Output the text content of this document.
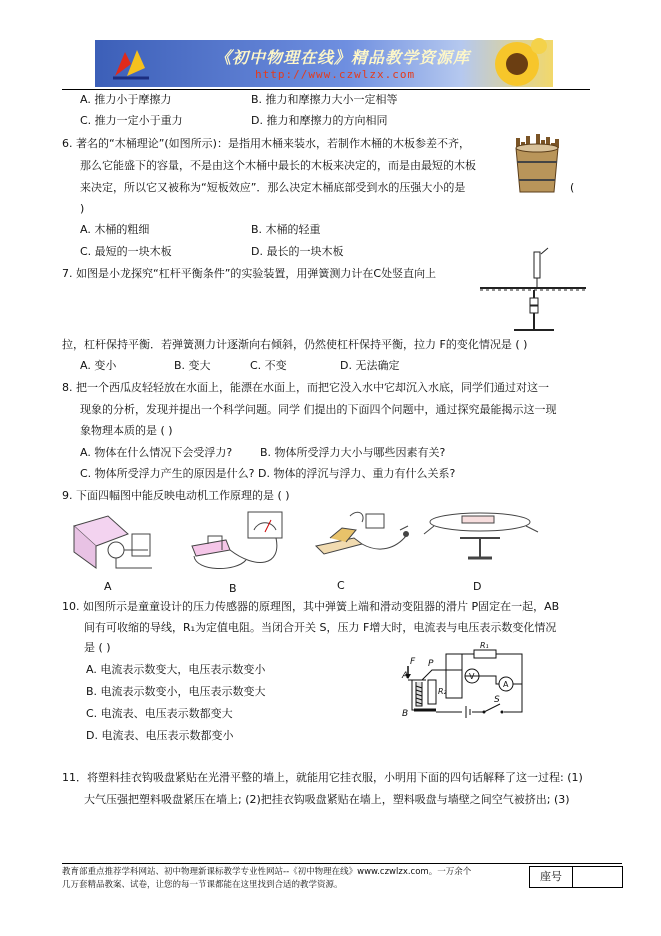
《初中物理在线》精品教学资源库
http://www.czwlzx.com
A. 推力小于摩擦力	B. 推力和摩擦力大小一定相等
C. 推力一定小于重力	D. 推力和摩擦力的方向相同
6. 著名的“木桶理论”(如图所示)：是指用木桶来装水，若制作木桶的木板参差不齐，
那么它能盛下的容量，不是由这个木桶中最长的木板来决定的，而是由最短的木板
来决定，所以它又被称为“短板效应”．那么决定木桶底部受到水的压强大小的是	(
)
A. 木桶的粗细	B. 木桶的轻重
C. 最短的一块木板	D. 最长的一块木板
7. 如图是小龙探究“杠杆平衡条件”的实验装置，用弹簧测力计在C处竖直向上
拉，杠杆保持平衡．若弹簧测力计逐渐向右倾斜，仍然使杠杆保持平衡，拉力 F的变化情况是 ( )
A. 变小	B. 变大	C. 不变	D. 无法确定
8. 把一个西瓜皮轻轻放在水面上，能漂在水面上，而把它没入水中它却沉入水底，同学们通过对这一
现象的分析，发现并提出一个科学问题。同学 们提出的下面四个问题中，通过探究最能揭示这一现
象物理本质的是 ( )
A. 物体在什么情况下会受浮力?	B. 物体所受浮力大小与哪些因素有关?
C. 物体所受浮力产生的原因是什么? D. 物体的浮沉与浮力、重力有什么关系?
9. 下面四幅图中能反映电动机工作原理的是 ( )
A	B	C	D
10. 如图所示是童童设计的压力传感器的原理图，其中弹簧上端和滑动变阻器的滑片 P固定在一起，AB
间有可收缩的导线，R₁为定值电阻。当闭合开关 S，压力 F增大时，电流表与电压表示数变化情况
是 ( )
A. 电流表示数变大，电压表示数变小
B. 电流表示数变小，电压表示数变大
C. 电流表、电压表示数都变大
D. 电流表、电压表示数都变小
F P
A
B
R₂
R₁
V
A
S
11．将塑料挂衣钩吸盘紧贴在光滑平整的墙上，就能用它挂衣服，小明用下面的四句话解释了这一过程: (1)
大气压强把塑料吸盘紧压在墙上; (2)把挂衣钩吸盘紧贴在墙上，塑料吸盘与墙壁之间空气被挤出; (3)
教育部重点推荐学科网站、初中物理新课标教学专业性网站--《初中物理在线》www.czwlzx.com。一万余个
几万套精品教案、试卷，让您的每一节课都能在这里找到合适的教学资源。
座号
